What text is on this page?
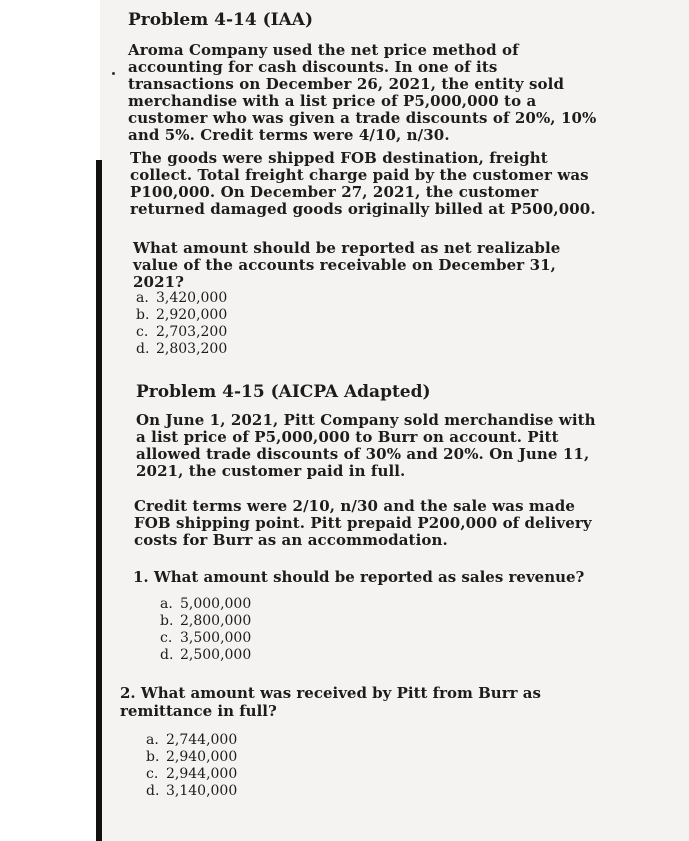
Problem 4-14 (IAA)

Aroma Company used the net price method of accounting for cash discounts. In one of its transactions on December 26, 2021, the entity sold merchandise with a list price of P5,000,000 to a customer who was given a trade discounts of 20%, 10% and 5%. Credit terms were 4/10, n/30.

The goods were shipped FOB destination, freight collect. Total freight charge paid by the customer was P100,000. On December 27, 2021, the customer returned damaged goods originally billed at P500,000.

What amount should be reported as net realizable value of the accounts receivable on December 31, 2021?

a. 3,420,000
b. 2,920,000
c. 2,703,200
d. 2,803,200
Problem 4-15 (AICPA Adapted)

On June 1, 2021, Pitt Company sold merchandise with a list price of P5,000,000 to Burr on account. Pitt allowed trade discounts of 30% and 20%. On June 11, 2021, the customer paid in full.

Credit terms were 2/10, n/30 and the sale was made FOB shipping point. Pitt prepaid P200,000 of delivery costs for Burr as an accommodation.

1. What amount should be reported as sales revenue?
a. 5,000,000
b. 2,800,000
c. 3,500,000
d. 2,500,000
2. What amount was received by Pitt from Burr as remittance in full?
a. 2,744,000
b. 2,940,000
c. 2,944,000
d. 3,140,000
